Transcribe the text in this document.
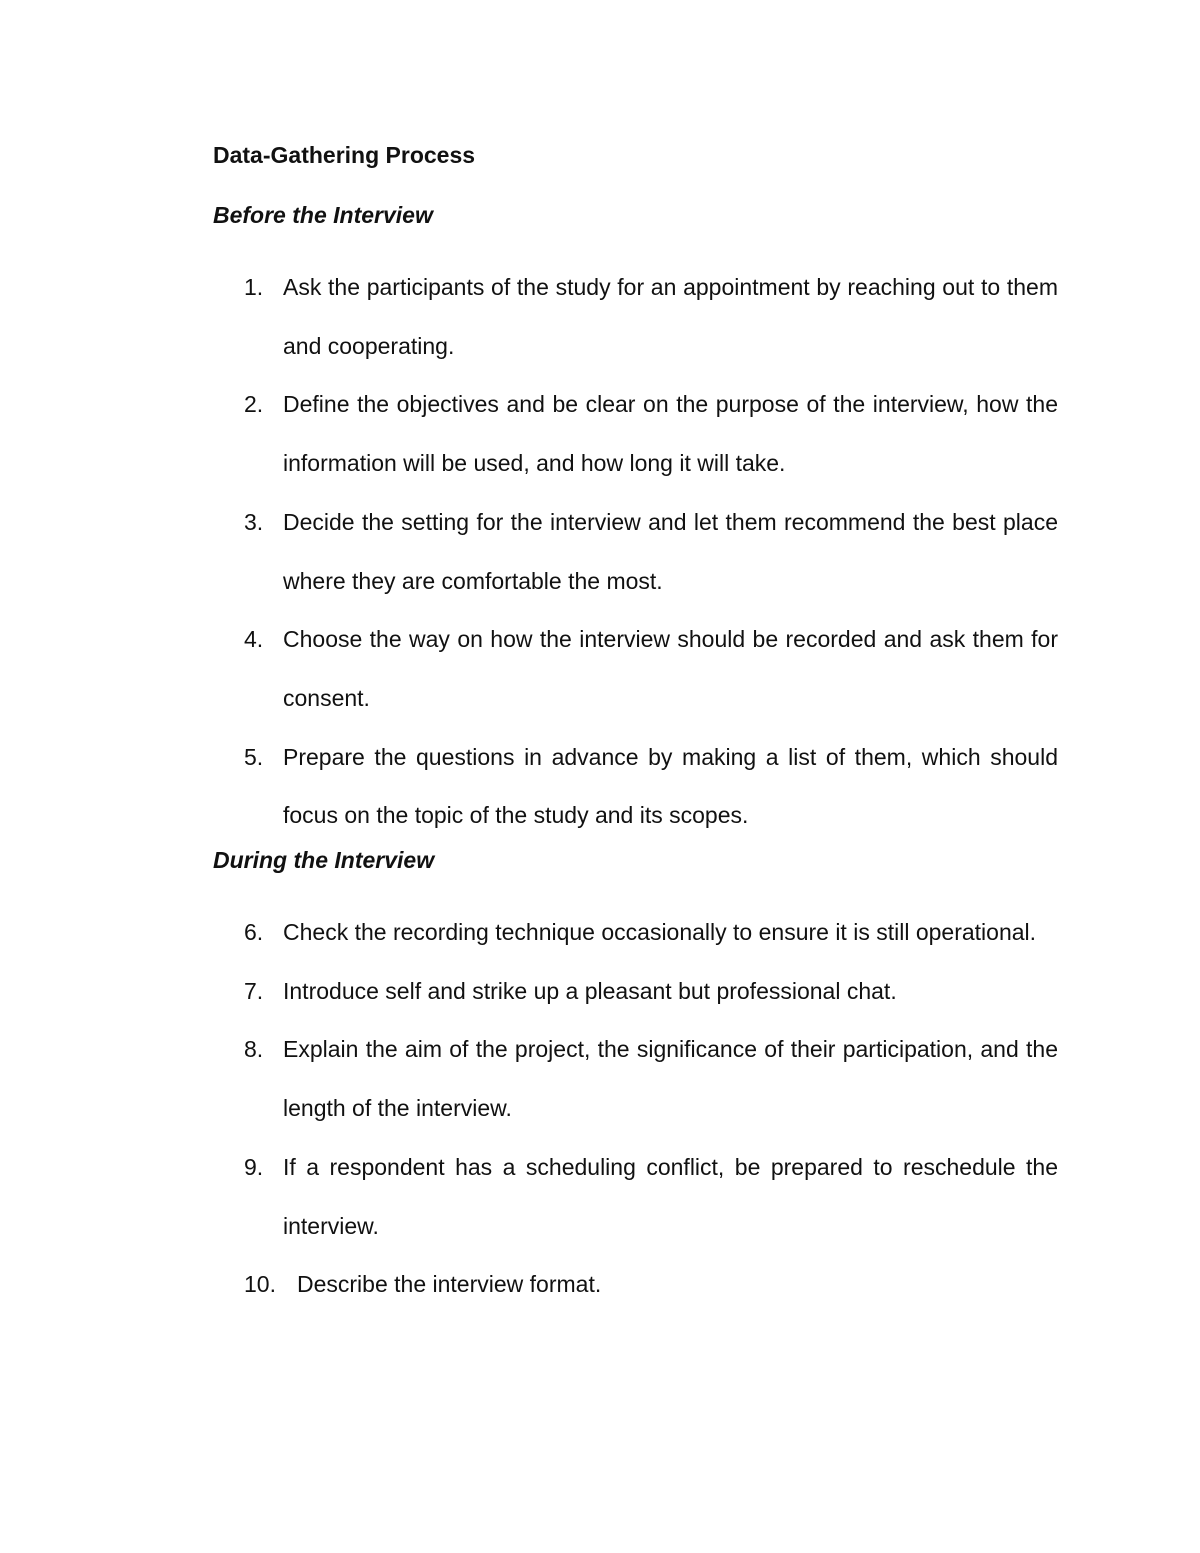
Data-Gathering Process
Before the Interview
1. Ask the participants of the study for an appointment by reaching out to them and cooperating.
2. Define the objectives and be clear on the purpose of the interview, how the information will be used, and how long it will take.
3. Decide the setting for the interview and let them recommend the best place where they are comfortable the most.
4. Choose the way on how the interview should be recorded and ask them for consent.
5. Prepare the questions in advance by making a list of them, which should focus on the topic of the study and its scopes.
During the Interview
6. Check the recording technique occasionally to ensure it is still operational.
7. Introduce self and strike up a pleasant but professional chat.
8. Explain the aim of the project, the significance of their participation, and the length of the interview.
9. If a respondent has a scheduling conflict, be prepared to reschedule the interview.
10. Describe the interview format.
